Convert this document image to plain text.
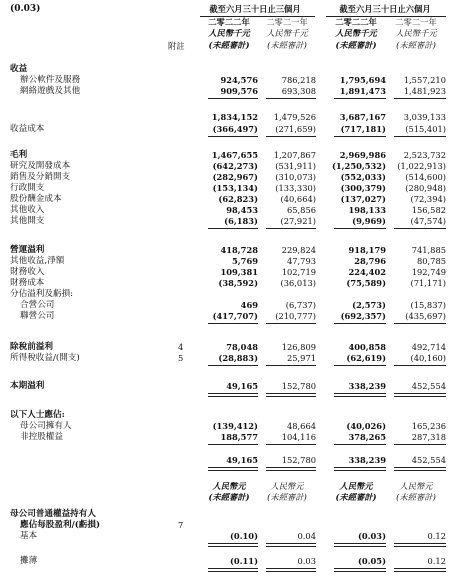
(0.03)	截至六月三十日止三個月	截至六月三十日止六個月
二零二二年	二零二一年	二零二二年	二零二一年
人民幣千元	人民幣千元	人民幣千元	人民幣千元
附註	(未經審計)	(未經審計)	(未經審計)	(未經審計)
收益
辦公軟件及服務	924,576	786,218	1,795,694	1,557,210
網絡遊戲及其他	909,576	693,308	1,891,473	1,481,923
1,834,152	1,479,526	3,687,167	3,039,133
收益成本	(366,497)	(271,659)	(717,181)	(515,401)
毛利	1,467,655	1,207,867	2,969,986	2,523,732
研究及開發成本	(642,273)	(531,911)	(1,250,532)	(1,022,913)
銷售及分銷開支	(282,967)	(310,073)	(552,033)	(514,600)
行政開支	(153,134)	(133,330)	(300,379)	(280,948)
股份酬金成本	(62,823)	(40,664)	(137,027)	(72,394)
其他收入	98,453	65,856	198,133	156,582
其他開支	(6,183)	(27,921)	(9,969)	(47,574)
營運溢利	418,728	229,824	918,179	741,885
其他收益,淨額	5,769	47,793	28,796	80,785
財務收入	109,381	102,719	224,402	192,749
財務成本	(38,592)	(36,013)	(75,589)	(71,171)
分佔溢利及虧損:
合營公司	469	(6,737)	(2,573)	(15,837)
聯營公司	(417,707)	(210,777)	(692,357)	(435,697)
除稅前溢利	4	78,048	126,809	400,858	492,714
所得稅收益/(開支)	5	(28,883)	25,971	(62,619)	(40,160)
本期溢利	49,165	152,780	338,239	452,554
以下人士應佔:
母公司擁有人	(139,412)	48,664	(40,026)	165,236
非控股權益	188,577	104,116	378,265	287,318
49,165	152,780	338,239	452,554
人民幣元	人民幣元	人民幣元	人民幣元
(未經審計)	(未經審計)	(未經審計)	(未經審計)
母公司普通權益持有人
應佔每股盈利/(虧損)	7
基本	(0.10)	0.04	(0.03)	0.12
攤薄	(0.11)	0.03	(0.05)	0.12
